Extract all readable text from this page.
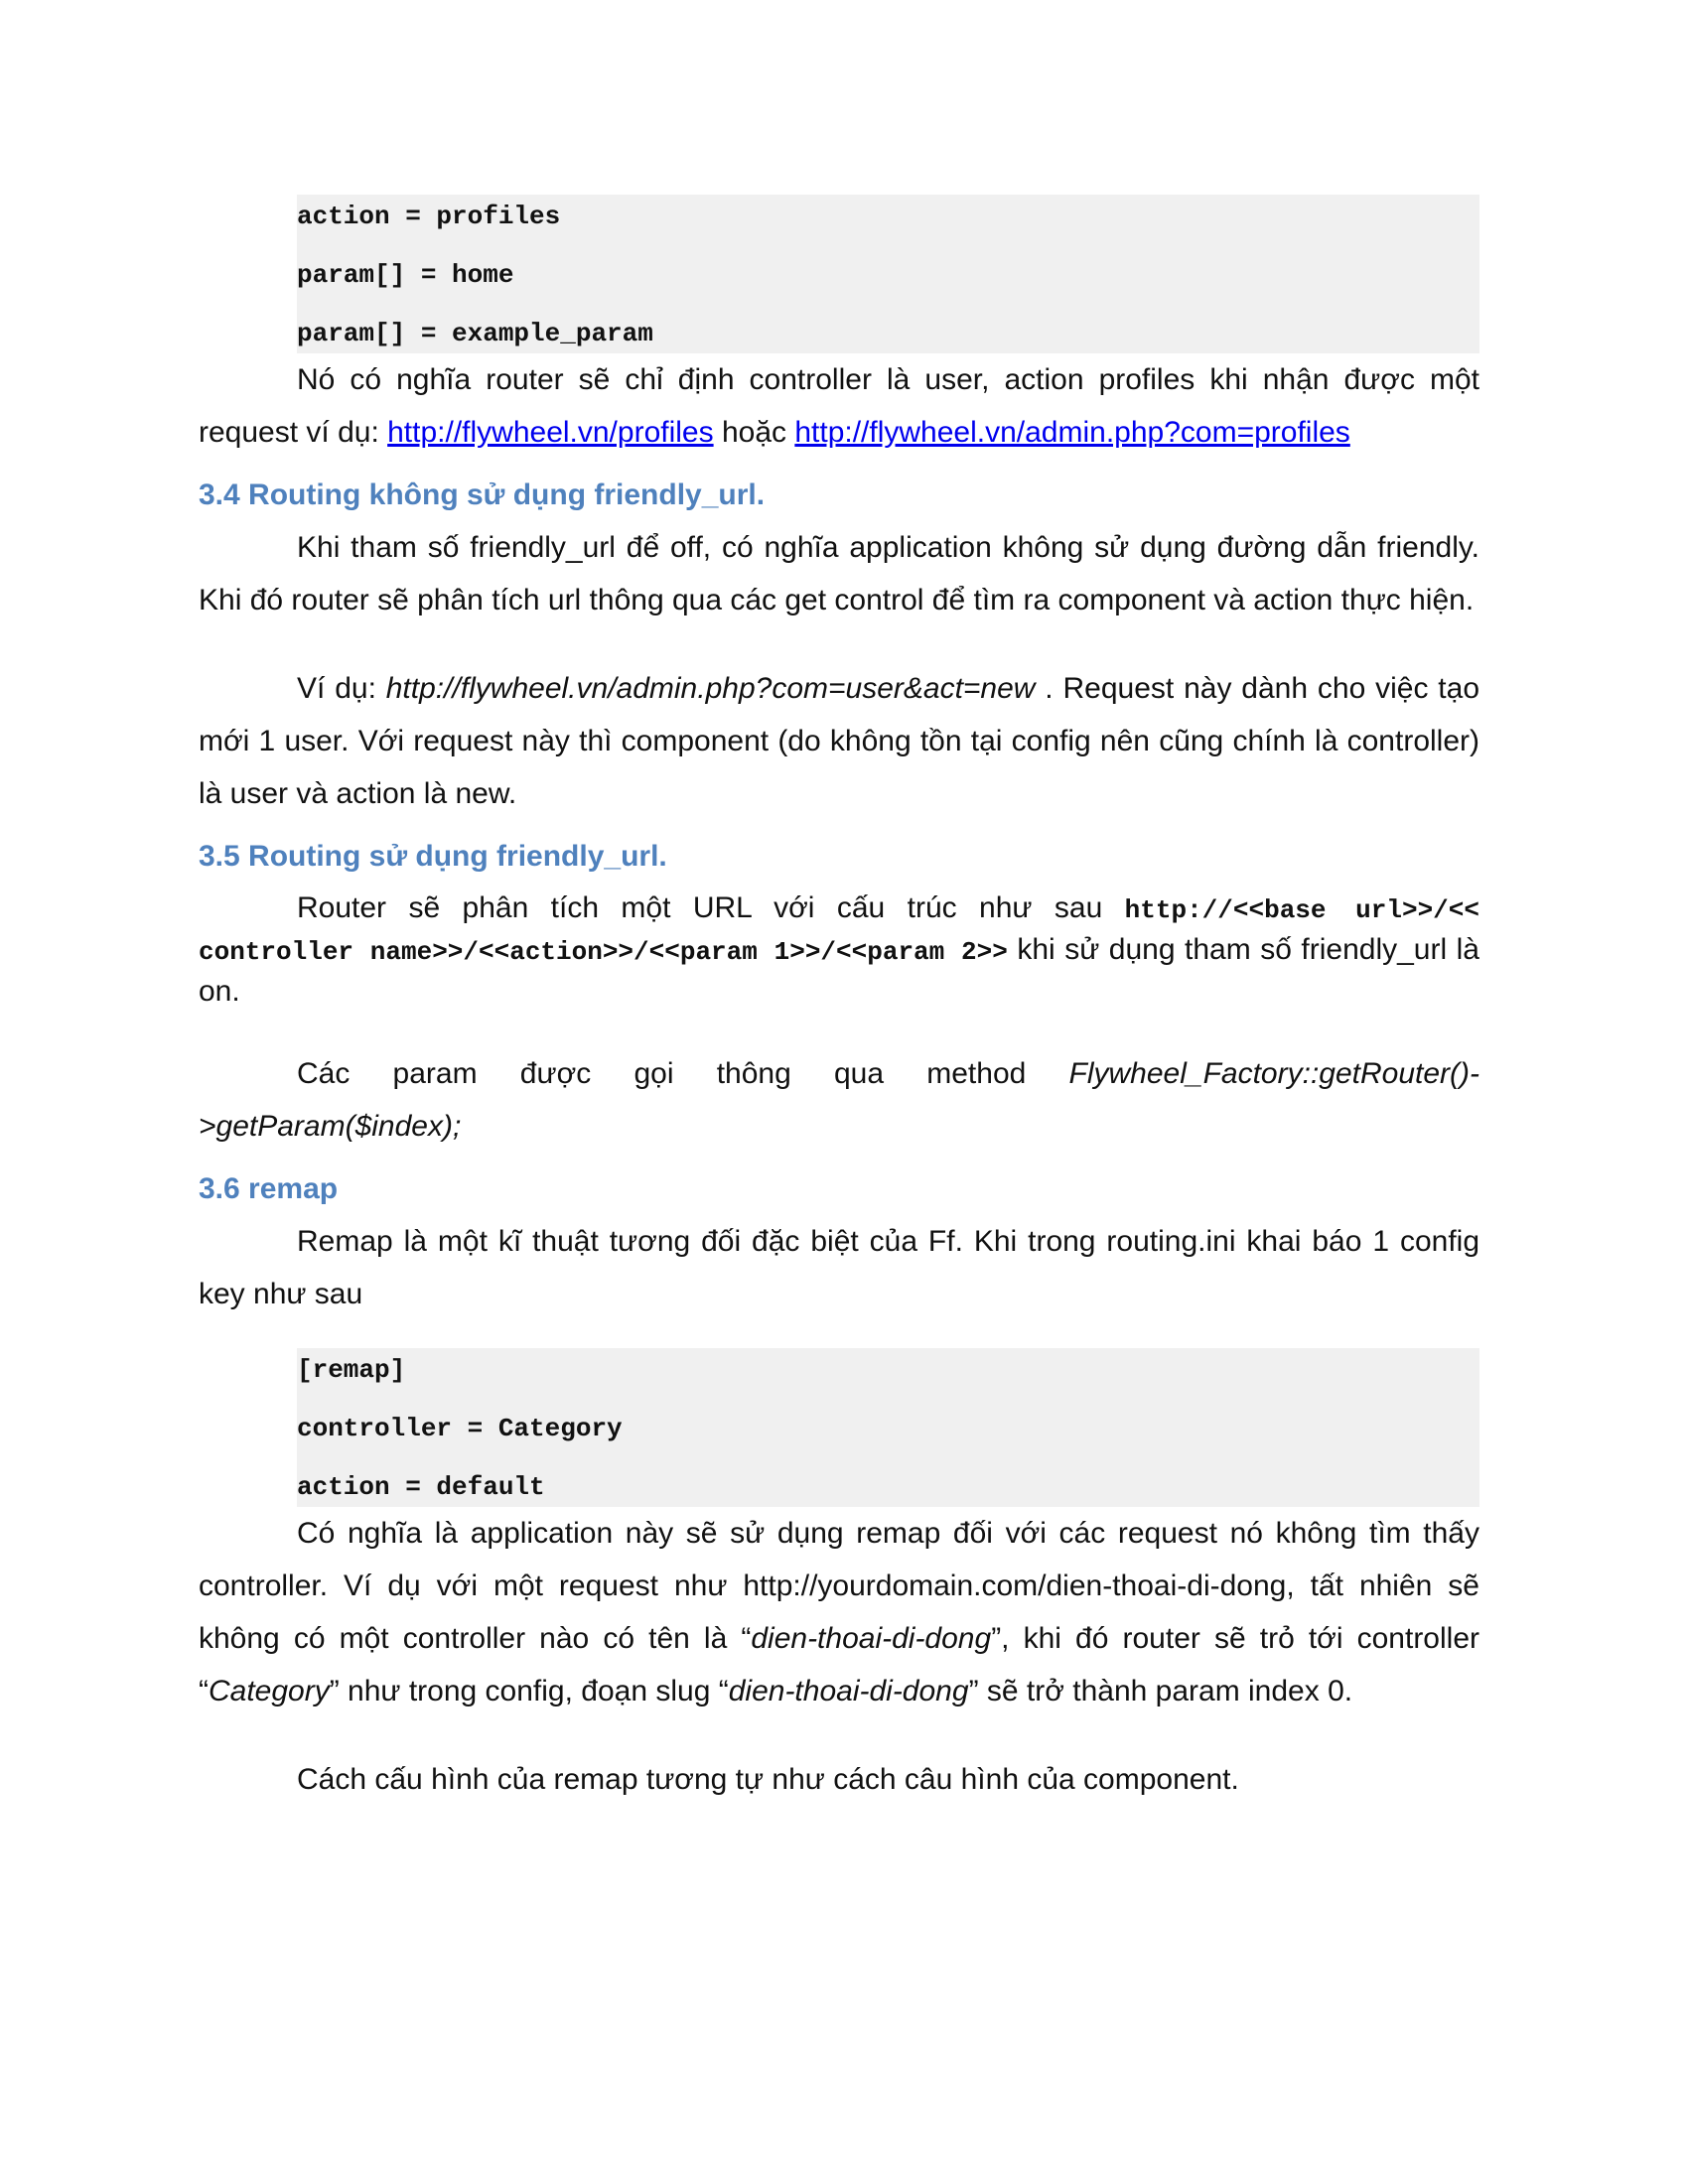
action = profiles
param[] = home
param[] = example_param

Nó có nghĩa router sẽ chỉ định controller là user, action profiles khi nhận được một request ví dụ: http://flywheel.vn/profiles hoặc http://flywheel.vn/admin.php?com=profiles

3.4 Routing không sử dụng friendly_url.

Khi tham số friendly_url để off, có nghĩa application không sử dụng đường dẫn friendly. Khi đó router sẽ phân tích url thông qua các get control để tìm ra component và action thực hiện.

Ví dụ: http://flywheel.vn/admin.php?com=user&act=new . Request này dành cho việc tạo mới 1 user. Với request này thì component (do không tồn tại config nên cũng chính là controller) là user và action là new.

3.5 Routing sử dụng friendly_url.

Router sẽ phân tích một URL với cấu trúc như sau http://<<base url>>/<< controller name>>/<<action>>/<<param 1>>/<<param 2>> khi sử dụng tham số friendly_url là on.

Các param được gọi thông qua method Flywheel_Factory::getRouter()->getParam($index);

3.6 remap

Remap là một kĩ thuật tương đối đặc biệt của Ff. Khi trong routing.ini khai báo 1 config key như sau

[remap]
controller = Category
action = default

Có nghĩa là application này sẽ sử dụng remap đối với các request nó không tìm thấy controller. Ví dụ với một request như http://yourdomain.com/dien-thoai-di-dong, tất nhiên sẽ không có một controller nào có tên là “dien-thoai-di-dong”, khi đó router sẽ trỏ tới controller “Category” như trong config, đoạn slug “dien-thoai-di-dong” sẽ trở thành param index 0.

Cách cấu hình của remap tương tự như cách câu hình của component.
